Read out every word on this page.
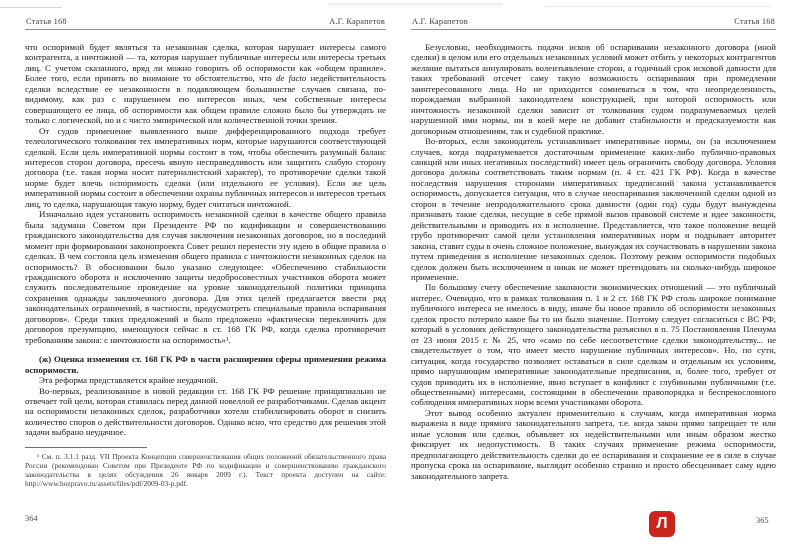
Статья 168	А.Г. Карапетов

что оспоримой будет являться та незаконная сделка, которая нарушает интересы самого контрагента, а ничтожной — та, которая нарушает публичные интересы или интересы третьих лиц. С учетом сказанного, вряд ли можно говорить об оспоримости как «общем правиле». Более того, если принять во внимание то обстоятельство, что de facto недействительность сделки вследствие ее незаконности в подавляющем большинстве случаев связана, по-видимому, как раз с нарушением ею интересов иных, чем собственные интересы совершающего ее лица, об оспоримости как общем правиле сложно было бы утверждать не только с логической, но и с чисто эмпирической или количественной точки зрения.

От судов применение выявленного выше дифференцированного подхода требует телеологического толкования тех императивных норм, которые нарушаются соответствующей сделкой. Если цель императивной нормы состоит в том, чтобы обеспечить разумный баланс интересов сторон договора, пресечь явную несправедливость или защитить слабую сторону договора (т.е. такая норма носит патерналистский характер), то противоречие сделки такой норме будет влечь оспоримость сделки (или отдельного ее условия). Если же цель императивной нормы состоит в обеспечении охраны публичных интересов и интересов третьих лиц, то сделка, нарушающая такую норму, будет считаться ничтожной.

Изначально идея установить оспоримость незаконной сделки в качестве общего правила была задумана Советом при Президенте РФ по кодификации и совершенствованию гражданского законодательства для случая заключения незаконных договоров, но в последний момент при формировании законопроекта Совет решил перенести эту идею в общие правила о сделках. В чем состояла цель изменения общего правила с ничтожности незаконных сделок на оспоримость? В обосновании было указано следующее: «Обеспечению стабильности гражданского оборота и исключению защиты недобросовестных участников оборота может служить последовательное проведение на уровне законодательной политики принципа сохранения однажды заключенного договора. Для этих целей предлагается ввести ряд законодательных ограничений, в частности, предусмотреть специальные правила оспаривания договоров». Среди таких предложений и было предложено «фактически переключить для договоров презумпцию, имеющуюся сейчас в ст. 168 ГК РФ, когда сделка противоречит требованиям закона: с ничтожности на оспоримость»¹.

(ж) Оценка изменения ст. 168 ГК РФ в части расширения сферы применения режима оспоримости.

Эта реформа представляется крайне неудачной.

Во-первых, реализованное в новой редакции ст. 168 ГК РФ решение принципиально не отвечает той цели, которая ставилась перед данной новеллой ее разработчиками. Сделав акцент на оспоримости незаконных сделок, разработчики хотели стабилизировать оборот и снизить количество споров о действительности договоров. Однако ясно, что средство для решения этой задачи выбрано неудачное.

¹ См. п. 3.1.1 разд. VII Проекта Концепции совершенствования общих положений обязательственного права России (рекомендован Советом при Президенте РФ по кодификации и совершенствованию гражданского законодательства в целях обсуждения 26 января 2009 г.). Текст проекта доступен на сайте: http://www.hozpravo.ru/assets/files/pdf/2009-03-p.pdf.
А.Г. Карапетов	Статья 168

Безусловно, необходимость подачи исков об оспаривании незаконного договора (иной сделки) в целом или его отдельных незаконных условий может отбить у некоторых контрагентов желание пытаться аннулировать волеизъявление сторон, а годичный срок исковой давности для таких требований отсечет саму такую возможность оспаривания при промедлении заинтересованного лица. Но не приходится сомневаться в том, что неопределенность, порождаемая выбранной законодателем конструкцией, при которой оспоримость или ничтожность незаконной сделки зависит от толкования судом подразумеваемых целей нарушенной ими нормы, ни в коей мере не добавит стабильности и предсказуемости как договорным отношениям, так и судебной практике.

Во-вторых, если законодатель устанавливает императивные нормы, он (за исключением случаев, когда подразумевается достаточным применение каких-либо публично-правовых санкций или иных негативных последствий) имеет цель ограничить свободу договора. Условия договора должны соответствовать таким нормам (п. 4 ст. 421 ГК РФ). Когда в качестве последствия нарушения сторонами императивных предписаний закона устанавливается оспоримость, допускается ситуация, что в случае неоспаривания заключенной сделки одной из сторон в течение непродолжительного срока давности (один год) суды будут вынуждены признавать такие сделки, несущие в себе прямой вызов правовой системе и идее законности, действительными и приводить их в исполнение. Представляется, что такое положение вещей грубо противоречит самой цели установления императивных норм и подрывает авторитет закона, ставит суды в очень сложное положение, вынуждая их соучаствовать в нарушении закона путем приведения в исполнение незаконных сделок. Поэтому режим оспоримости подобных сделок должен быть исключением и никак не может претендовать на сколько-нибудь широкое применение.

По большому счету обеспечение законности экономических отношений — это публичный интерес. Очевидно, что в рамках толкования п. 1 и 2 ст. 168 ГК РФ столь широкое понимание публичного интереса не имелось в виду, иначе бы новое правило об оспоримости незаконных сделок просто потеряло какое бы то ни было значение. Поэтому следует согласиться с ВС РФ, который в условиях действующего законодательства разъяснил в п. 75 Постановления Пленума от 23 июня 2015 г. № 25, что «само по себе несоответствие сделки законодательству... не свидетельствует о том, что имеет место нарушение публичных интересов». Но, по сути, ситуация, когда государство позволяет оставаться в силе сделкам и отдельным их условиям, прямо нарушающим императивные законодательные предписания, и, более того, требует от судов приводить их в исполнение, явно вступает в конфликт с глубинными публичными (т.е. общественными) интересами, состоящими в обеспечении правопорядка и беспрекословного соблюдения императивных норм всеми участниками оборота.

Этот вывод особенно актуален применительно к случаям, когда императивная норма выражена в виде прямого законодательного запрета, т.е. когда закон прямо запрещает те или иные условия или сделки, объявляет их недействительными или иным образом жестко фиксирует их недопустимость. В таких случаях применение режима оспоримости, предполагающего действительность сделки до ее оспаривания и сохранение ее в силе в случае пропуска срока на оспаривание, выглядит особенно странно и просто обесценивает саму идею законодательного запрета.

364	365
Л
